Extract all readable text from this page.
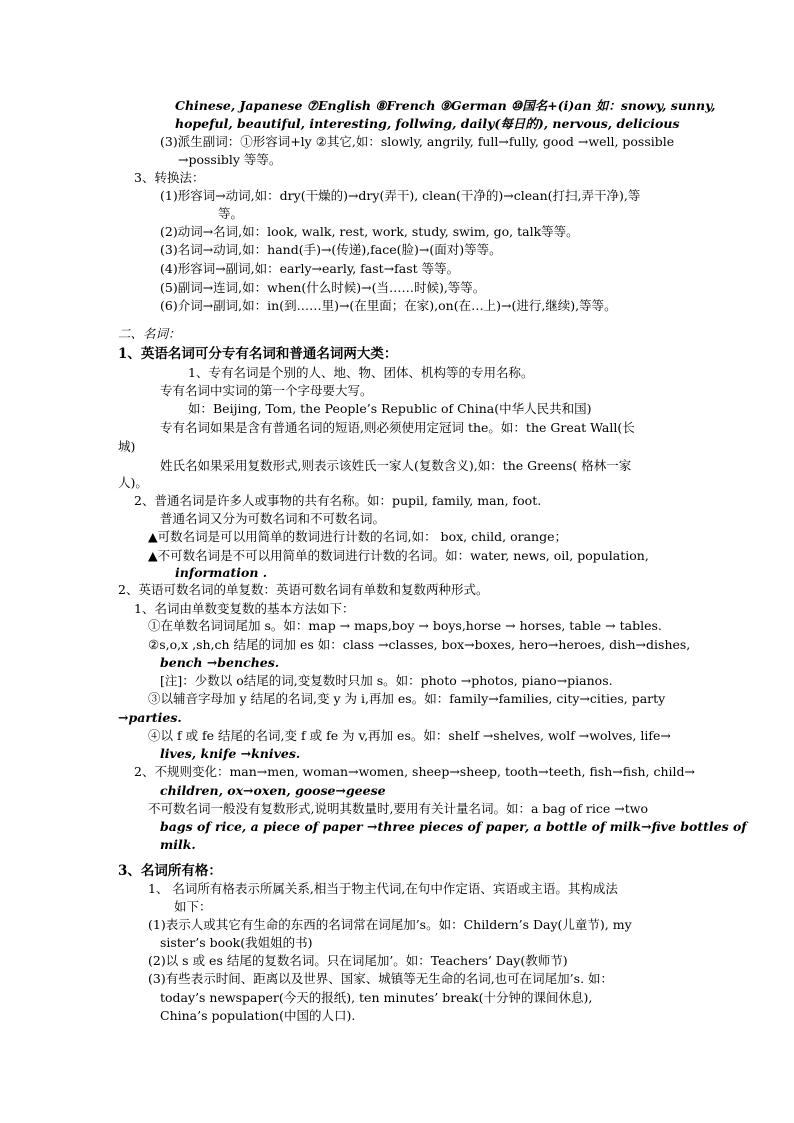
Chinese, Japanese ⑦English ⑧French ⑨German ⑩国名+(i)an 如：snowy, sunny,
hopeful, beautiful, interesting, follwing, daily(每日的), nervous, delicious
(3)派生副词：①形容词+ly ②其它,如：slowly, angrily, full→fully, good →well, possible
→possibly 等等。
3、转换法：
(1)形容词→动词,如：dry(干燥的)→dry(弄干), clean(干净的)→clean(打扫,弄干净),等
等。
(2)动词→名词,如：look, walk, rest, work, study, swim, go, talk等等。
(3)名词→动词,如：hand(手)→(传递),face(脸)→(面对)等等。
(4)形容词→副词,如：early→early, fast→fast 等等。
(5)副词→连词,如：when(什么时候)→(当……时候),等等。
(6)介词→副词,如：in(到……里)→(在里面；在家),on(在…上)→(进行,继续),等等。
二、名词：
1、英语名词可分专有名词和普通名词两大类：
1、专有名词是个别的人、地、物、团体、机构等的专用名称。
专有名词中实词的第一个字母要大写。
如：Beijing, Tom, the People’s Republic of China(中华人民共和国)
专有名词如果是含有普通名词的短语,则必须使用定冠词 the。如：the Great Wall(长
城)
姓氏名如果采用复数形式,则表示该姓氏一家人(复数含义),如：the Greens( 格林一家
人)。
2、普通名词是许多人或事物的共有名称。如：pupil, family, man, foot.
普通名词又分为可数名词和不可数名词。
▲可数名词是可以用简单的数词进行计数的名词,如： box, child, orange；
▲不可数名词是不可以用简单的数词进行计数的名词。如：water, news, oil, population,
information .
2、英语可数名词的单复数：英语可数名词有单数和复数两种形式。
1、名词由单数变复数的基本方法如下：
①在单数名词词尾加 s。如：map → maps,boy → boys,horse → horses, table → tables.
②s,o,x ,sh,ch 结尾的词加 es 如：class →classes, box→boxes, hero→heroes, dish→dishes,
bench →benches.
[注]：少数以 o结尾的词,变复数时只加 s。如：photo →photos, piano→pianos.
③以辅音字母加 y 结尾的名词,变 y 为 i,再加 es。如：family→families, city→cities, party
→parties.
④以 f 或 fe 结尾的名词,变 f 或 fe 为 v,再加 es。如：shelf →shelves, wolf →wolves, life→
lives, knife →knives.
2、不规则变化：man→men, woman→women, sheep→sheep, tooth→teeth, fish→fish, child→
children, ox→oxen, goose→geese
不可数名词一般没有复数形式,说明其数量时,要用有关计量名词。如：a bag of rice →two
bags of rice, a piece of paper →three pieces of paper, a bottle of milk→five bottles of
milk.
3、名词所有格：
1、 名词所有格表示所属关系,相当于物主代词,在句中作定语、宾语或主语。其构成法
如下：
(1)表示人或其它有生命的东西的名词常在词尾加’s。如：Childern’s Day(儿童节), my
sister’s book(我姐姐的书)
(2)以 s 或 es 结尾的复数名词。只在词尾加’。如：Teachers’ Day(教师节)
(3)有些表示时间、距离以及世界、国家、城镇等无生命的名词,也可在词尾加’s. 如：
today’s newspaper(今天的报纸), ten minutes’ break(十分钟的课间休息),
China’s population(中国的人口).
